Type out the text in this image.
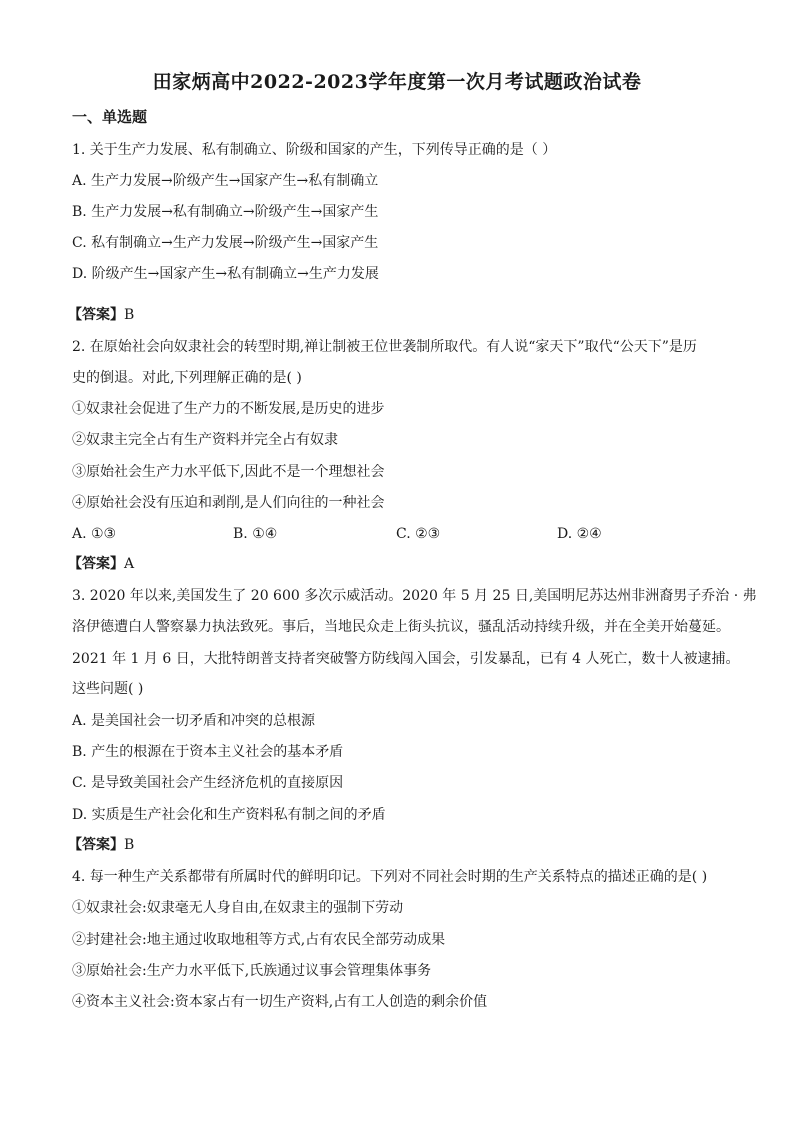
田家炳高中2022-2023学年度第一次月考试题政治试卷
一、单选题
1. 关于生产力发展、私有制确立、阶级和国家的产生，下列传导正确的是（ ）
A. 生产力发展→阶级产生→国家产生→私有制确立
B. 生产力发展→私有制确立→阶级产生→国家产生
C. 私有制确立→生产力发展→阶级产生→国家产生
D. 阶级产生→国家产生→私有制确立→生产力发展
【答案】B
2. 在原始社会向奴隶社会的转型时期,禅让制被王位世袭制所取代。有人说“家天下”取代“公天下”是历
史的倒退。对此,下列理解正确的是( )
①奴隶社会促进了生产力的不断发展,是历史的进步
②奴隶主完全占有生产资料并完全占有奴隶
③原始社会生产力水平低下,因此不是一个理想社会
④原始社会没有压迫和剥削,是人们向往的一种社会
A. ①③	B. ①④	C. ②③	D. ②④
【答案】A
3. 2020 年以来,美国发生了 20 600 多次示威活动。2020 年 5 月 25 日,美国明尼苏达州非洲裔男子乔治 · 弗
洛伊德遭白人警察暴力执法致死。事后，当地民众走上街头抗议，骚乱活动持续升级，并在全美开始蔓延。
2021 年 1 月 6 日，大批特朗普支持者突破警方防线闯入国会，引发暴乱，已有 4 人死亡，数十人被逮捕。
这些问题( )
A. 是美国社会一切矛盾和冲突的总根源
B. 产生的根源在于资本主义社会的基本矛盾
C. 是导致美国社会产生经济危机的直接原因
D. 实质是生产社会化和生产资料私有制之间的矛盾
【答案】B
4. 每一种生产关系都带有所属时代的鲜明印记。下列对不同社会时期的生产关系特点的描述正确的是( )
①奴隶社会:奴隶毫无人身自由,在奴隶主的强制下劳动
②封建社会:地主通过收取地租等方式,占有农民全部劳动成果
③原始社会:生产力水平低下,氏族通过议事会管理集体事务
④资本主义社会:资本家占有一切生产资料,占有工人创造的剩余价值
